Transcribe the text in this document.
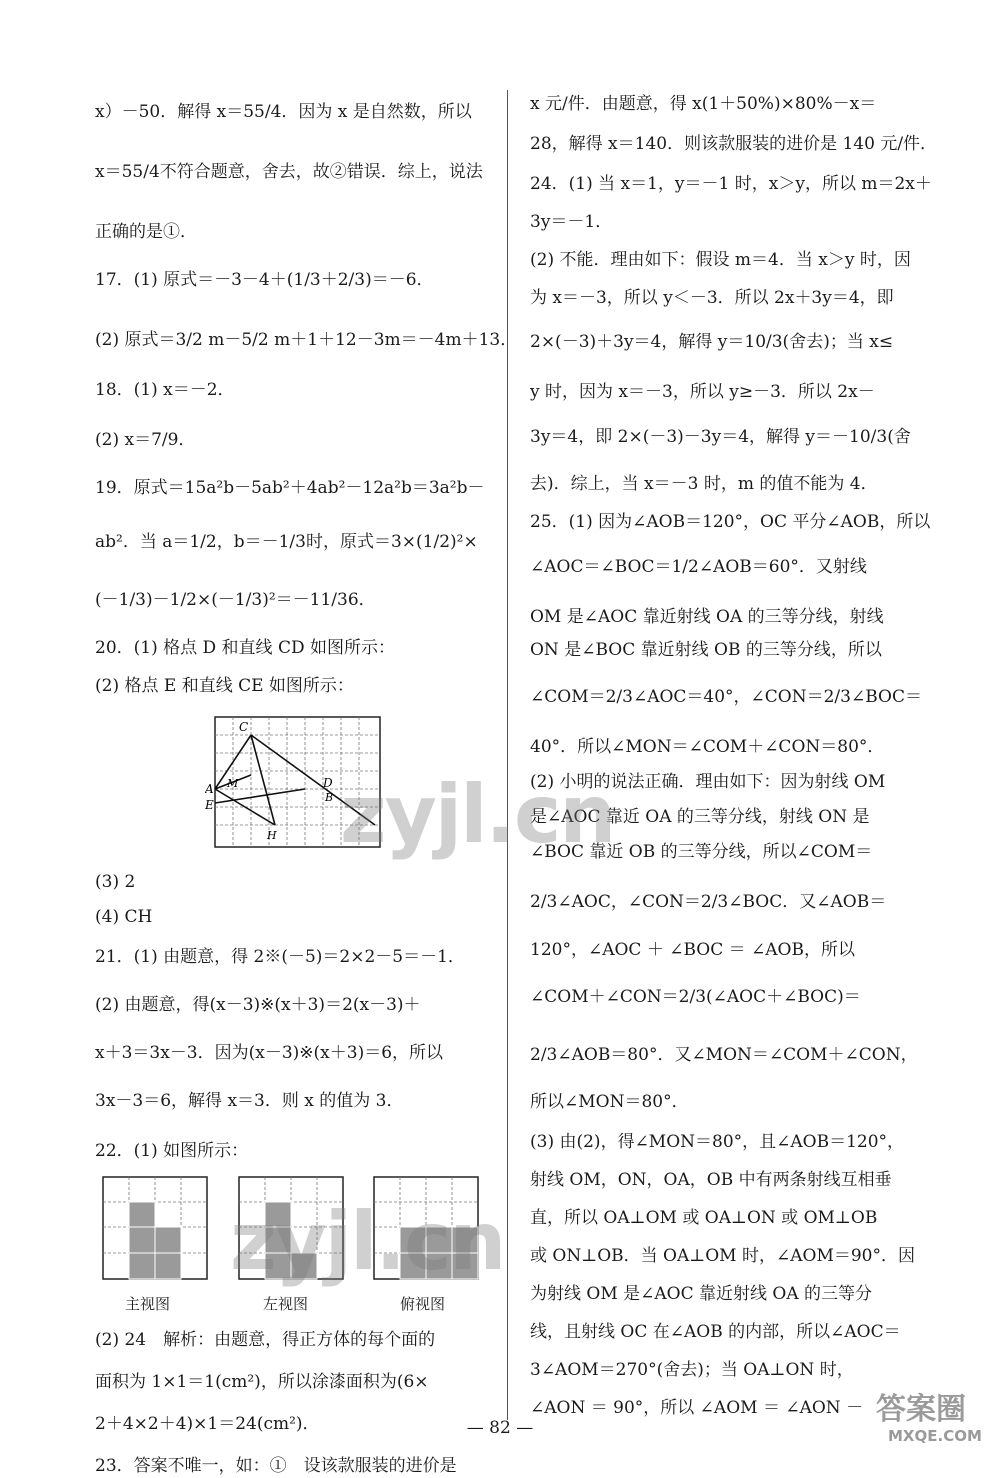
x）－50．解得 x＝55/4．因为 x 是自然数，所以
x＝55/4不符合题意，舍去，故②错误．综上，说法
正确的是①．
17．(1) 原式＝－3－4＋(1/3＋2/3)＝－6．
(2) 原式＝3/2 m－5/2 m＋1＋12－3m＝－4m＋13．
18．(1) x＝－2．
(2) x＝7/9．
19．原式＝15a²b－5ab²＋4ab²－12a²b＝3a²b－
ab²．当 a＝1/2，b＝－1/3时，原式＝3×(1/2)²×
(－1/3)－1/2×(－1/3)²＝－11/36．
20．(1) 格点 D 和直线 CD 如图所示：
(2) 格点 E 和直线 CE 如图所示：
C
A
E
D
M
H
B
(3) 2
(4) CH
21．(1) 由题意，得 2※(－5)＝2×2－5＝－1．
(2) 由题意，得(x－3)※(x＋3)＝2(x－3)＋
x＋3＝3x－3．因为(x－3)※(x＋3)＝6，所以
3x－3＝6，解得 x＝3．则 x 的值为 3．
22．(1) 如图所示：
主视图	左视图	俯视图
(2) 24　解析：由题意，得正方体的每个面的
面积为 1×1＝1(cm²)，所以涂漆面积为(6×
2＋4×2＋4)×1＝24(cm²)．
23．答案不唯一，如：①　设该款服装的进价是
x 元/件．由题意，得 x(1＋50%)×80%－x＝
28，解得 x＝140．则该款服装的进价是 140 元/件．
24．(1) 当 x＝1，y＝－1 时，x＞y，所以 m＝2x＋
3y＝－1．
(2) 不能．理由如下：假设 m＝4．当 x＞y 时，因
为 x＝－3，所以 y＜－3．所以 2x＋3y＝4，即
2×(－3)＋3y＝4，解得 y＝10/3(舍去)；当 x≤
y 时，因为 x＝－3，所以 y≥－3．所以 2x－
3y＝4，即 2×(－3)－3y＝4，解得 y＝－10/3(舍
去)．综上，当 x＝－3 时，m 的值不能为 4．
25．(1) 因为∠AOB＝120°，OC 平分∠AOB，所以
∠AOC＝∠BOC＝1/2∠AOB＝60°．又射线
OM 是∠AOC 靠近射线 OA 的三等分线，射线
ON 是∠BOC 靠近射线 OB 的三等分线，所以
∠COM＝2/3∠AOC＝40°，∠CON＝2/3∠BOC＝
40°．所以∠MON＝∠COM＋∠CON＝80°．
(2) 小明的说法正确．理由如下：因为射线 OM
是∠AOC 靠近 OA 的三等分线，射线 ON 是
∠BOC 靠近 OB 的三等分线，所以∠COM＝
2/3∠AOC，∠CON＝2/3∠BOC．又∠AOB＝
120°，∠AOC ＋ ∠BOC ＝ ∠AOB，所以
∠COM＋∠CON＝2/3(∠AOC＋∠BOC)＝
2/3∠AOB＝80°．又∠MON＝∠COM＋∠CON，
所以∠MON＝80°．
(3) 由(2)，得∠MON＝80°，且∠AOB＝120°，
射线 OM，ON，OA，OB 中有两条射线互相垂
直，所以 OA⊥OM 或 OA⊥ON 或 OM⊥OB
或 ON⊥OB．当 OA⊥OM 时，∠AOM＝90°．因
为射线 OM 是∠AOC 靠近射线 OA 的三等分
线，且射线 OC 在∠AOB 的内部，所以∠AOC＝
3∠AOM＝270°(舍去)；当 OA⊥ON 时，
∠AON ＝ 90°，所以 ∠AOM ＝ ∠AON －
zyjl.cn
zyjl.cn
— 82 —
答案圈
MXQE.COM
